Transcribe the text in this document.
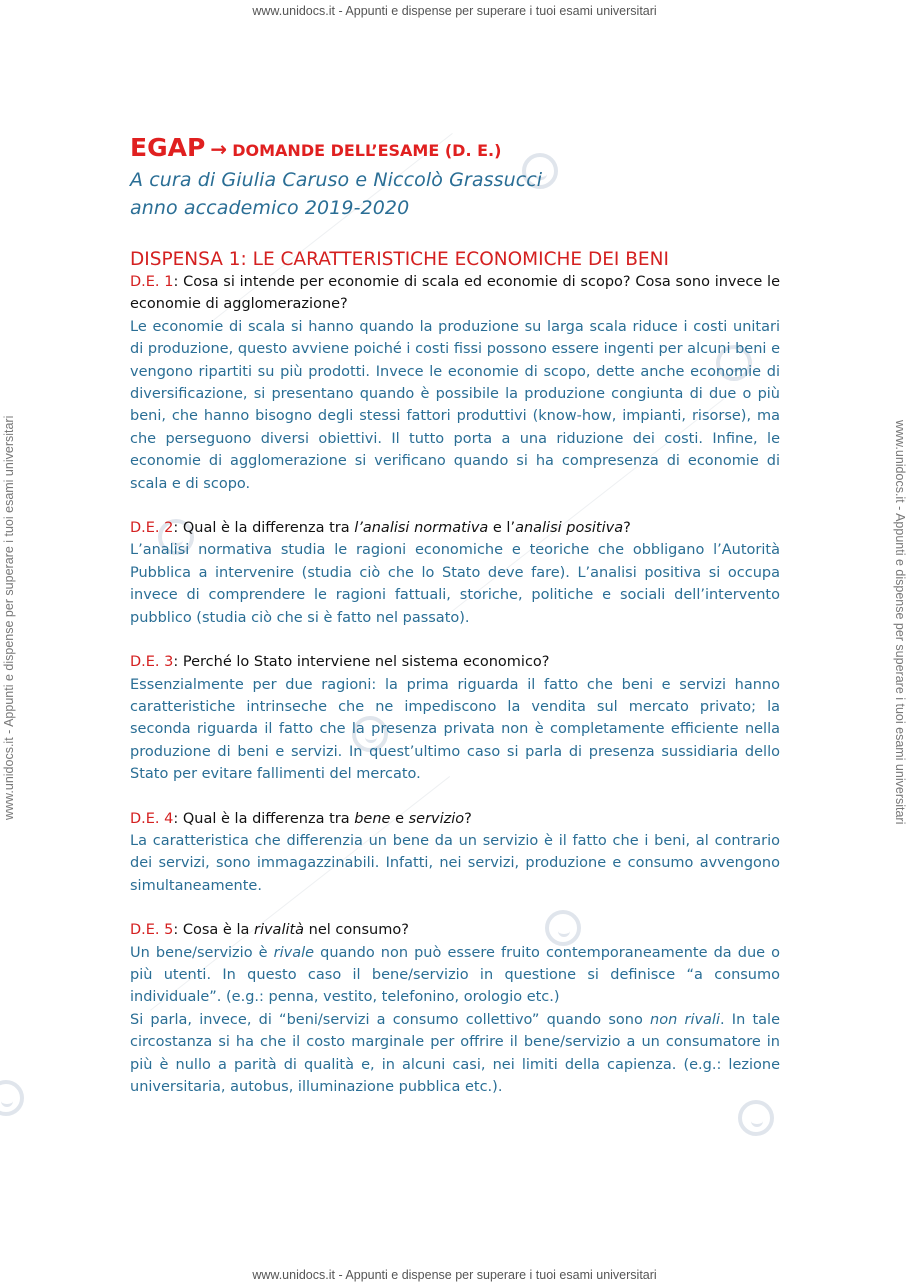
www.unidocs.it - Appunti e dispense per superare i tuoi esami universitari
www.unidocs.it - Appunti e dispense per superare i tuoi esami universitari
www.unidocs.it - Appunti e dispense per superare i tuoi esami universitari	www.unidocs.it - Appunti e dispense per superare i tuoi esami universitari
EGAP → DOMANDE DELL’ESAME (D. E.)
A cura di Giulia Caruso e Niccolò Grassucci
anno accademico 2019-2020
DISPENSA 1: LE CARATTERISTICHE ECONOMICHE DEI BENI
D.E. 1: Cosa si intende per economie di scala ed economie di scopo? Cosa sono invece le economie di agglomerazione?
Le economie di scala si hanno quando la produzione su larga scala riduce i costi unitari di produzione, questo avviene poiché i costi fissi possono essere ingenti per alcuni beni e vengono ripartiti su più prodotti. Invece le economie di scopo, dette anche economie di diversificazione, si presentano quando è possibile la produzione congiunta di due o più beni, che hanno bisogno degli stessi fattori produttivi (know-how, impianti, risorse), ma che perseguono diversi obiettivi. Il tutto porta a una riduzione dei costi. Infine, le economie di agglomerazione si verificano quando si ha compresenza di economie di scala e di scopo.
D.E. 2: Qual è la differenza tra l’analisi normativa e l’analisi positiva?
L’analisi normativa studia le ragioni economiche e teoriche che obbligano l’Autorità Pubblica a intervenire (studia ciò che lo Stato deve fare). L’analisi positiva si occupa invece di comprendere le ragioni fattuali, storiche, politiche e sociali dell’intervento pubblico (studia ciò che si è fatto nel passato).
D.E. 3: Perché lo Stato interviene nel sistema economico?
Essenzialmente per due ragioni: la prima riguarda il fatto che beni e servizi hanno caratteristiche intrinseche che ne impediscono la vendita sul mercato privato; la seconda riguarda il fatto che la presenza privata non è completamente efficiente nella produzione di beni e servizi. In quest’ultimo caso si parla di presenza sussidiaria dello Stato per evitare fallimenti del mercato.
D.E. 4: Qual è la differenza tra bene e servizio?
La caratteristica che differenzia un bene da un servizio è il fatto che i beni, al contrario dei servizi, sono immagazzinabili. Infatti, nei servizi, produzione e consumo avvengono simultaneamente.
D.E. 5: Cosa è la rivalità nel consumo?
Un bene/servizio è rivale quando non può essere fruito contemporaneamente da due o più utenti. In questo caso il bene/servizio in questione si definisce “a consumo individuale”. (e.g.: penna, vestito, telefonino, orologio etc.)
Si parla, invece, di “beni/servizi a consumo collettivo” quando sono non rivali. In tale circostanza si ha che il costo marginale per offrire il bene/servizio a un consumatore in più è nullo a parità di qualità e, in alcuni casi, nei limiti della capienza. (e.g.: lezione universitaria, autobus, illuminazione pubblica etc.).
